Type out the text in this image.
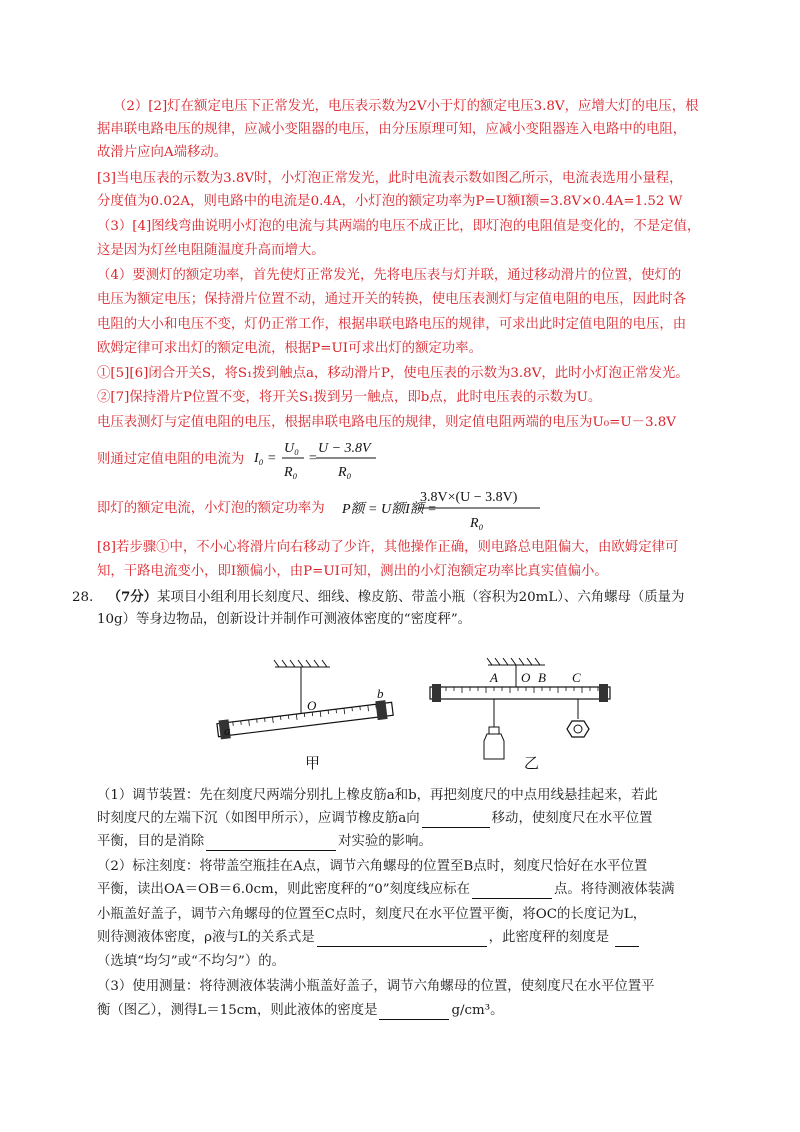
（2）[2]灯在额定电压下正常发光，电压表示数为2V小于灯的额定电压3.8V，应增大灯的电压，根
据串联电路电压的规律，应减小变阻器的电压，由分压原理可知，应减小变阻器连入电路中的电阻，
故滑片应向A端移动。
[3]当电压表的示数为3.8V时，小灯泡正常发光，此时电流表示数如图乙所示，电流表选用小量程，
分度值为0.02A，则电路中的电流是0.4A，小灯泡的额定功率为P=U额I额=3.8V×0.4A=1.52 W
（3）[4]图线弯曲说明小灯泡的电流与其两端的电压不成正比，即灯泡的电阻值是变化的，不是定值，
这是因为灯丝电阻随温度升高而增大。
（4）要测灯的额定功率，首先使灯正常发光，先将电压表与灯并联，通过移动滑片的位置，使灯的
电压为额定电压；保持滑片位置不动，通过开关的转换，使电压表测灯与定值电阻的电压，因此时各
电阻的大小和电压不变，灯仍正常工作，根据串联电路电压的规律，可求出此时定值电阻的电压，由
欧姆定律可求出灯的额定电流，根据P=UI可求出灯的额定功率。
①[5][6]闭合开关S，将S₁拨到触点a，移动滑片P，使电压表的示数为3.8V，此时小灯泡正常发光。
②[7]保持滑片P位置不变，将开关S₁拨到另一触点，即b点，此时电压表的示数为U。
电压表测灯与定值电阻的电压，根据串联电路电压的规律，则定值电阻两端的电压为U₀=U－3.8V
则通过定值电阻的电流为 I₀ =
U₀
R₀
=
U − 3.8V
R₀
即灯的额定电流，小灯泡的额定功率为 P额 = U额I额 =
3.8V×(U − 3.8V)
R₀
[8]若步骤①中，不小心将滑片向右移动了少许，其他操作正确，则电路总电阻偏大，由欧姆定律可
知，干路电流变小，即I额偏小，由P=UI可知，测出的小灯泡额定功率比真实值偏小。
28. （7分）某项目小组利用长刻度尺、细线、橡皮筋、带盖小瓶（容积为20mL）、六角螺母（质量为
10g）等身边物品，创新设计并制作可测液体密度的“密度秤”。
a
O
b
甲
A O B C
乙
（1）调节装置：先在刻度尺两端分别扎上橡皮筋a和b，再把刻度尺的中点用线悬挂起来，若此
时刻度尺的左端下沉（如图甲所示），应调节橡皮筋a向	移动，使刻度尺在水平位置
平衡，目的是消除	对实验的影响。
（2）标注刻度：将带盖空瓶挂在A点，调节六角螺母的位置至B点时，刻度尺恰好在水平位置
平衡，读出OA＝OB＝6.0cm，则此密度秤的“0”刻度线应标在	点。将待测液体装满
小瓶盖好盖子，调节六角螺母的位置至C点时，刻度尺在水平位置平衡，将OC的长度记为L，
则待测液体密度，ρ液与L的关系式是	，此密度秤的刻度是
（选填“均匀”或“不均匀”）的。
（3）使用测量：将待测液体装满小瓶盖好盖子，调节六角螺母的位置，使刻度尺在水平位置平
衡（图乙），测得L＝15cm，则此液体的密度是	g/cm³。
